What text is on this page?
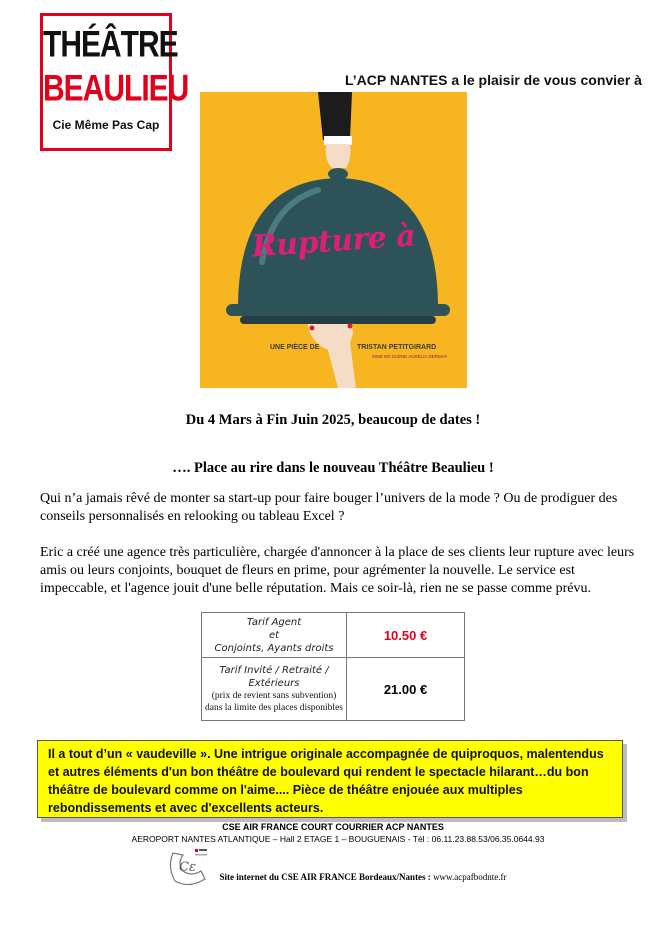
THÉÂTRE
BEAULIEU
Cie Même Pas Cap
L’ACP NANTES a le plaisir de vous convier à
Rupture à
Domicile
UNE PIÈCE DE	TRISTAN PETITGIRARD
MISE EN SCÈNE AURÉLIA DERMAY
Du 4 Mars à Fin Juin 2025, beaucoup de dates !
…. Place au rire dans le nouveau Théâtre Beaulieu !
Qui n’a jamais rêvé de monter sa start-up pour faire bouger l’univers de la mode ? Ou de prodiguer des conseils personnalisés en relooking ou tableau Excel ?
Eric a créé une agence très particulière, chargée d'annoncer à la place de ses clients leur rupture avec leurs amis ou leurs conjoints, bouquet de fleurs en prime, pour agrémenter la nouvelle. Le service est impeccable, et l'agence jouit d'une belle réputation. Mais ce soir-là, rien ne se passe comme prévu.
Tarif Agent
et
Conjoints, Ayants droits	10.50 €

Tarif Invité / Retraité /
Extérieurs
(prix de revient sans subvention)
dans la limite des places disponibles	21.00 €

Il a tout d’un « vaudeville ». Une intrigue originale accompagnée de quiproquos, malentendus et autres éléments d'un bon théâtre de boulevard qui rendent le spectacle hilarant…du bon théâtre de boulevard comme on l'aime.... Pièce de théâtre enjouée aux multiples rebondissements et avec d'excellents acteurs.

CSE AIR FRANCE COURT COURRIER ACP NANTES
AEROPORT NANTES ATLANTIQUE – Hall 2 ETAGE 1 – BOUGUENAIS - Tél : 06.11.23.88.53/06.35.0644.93
Cε
Site internet du CSE AIR FRANCE Bordeaux/Nantes : www.acpafbodnte.fr
